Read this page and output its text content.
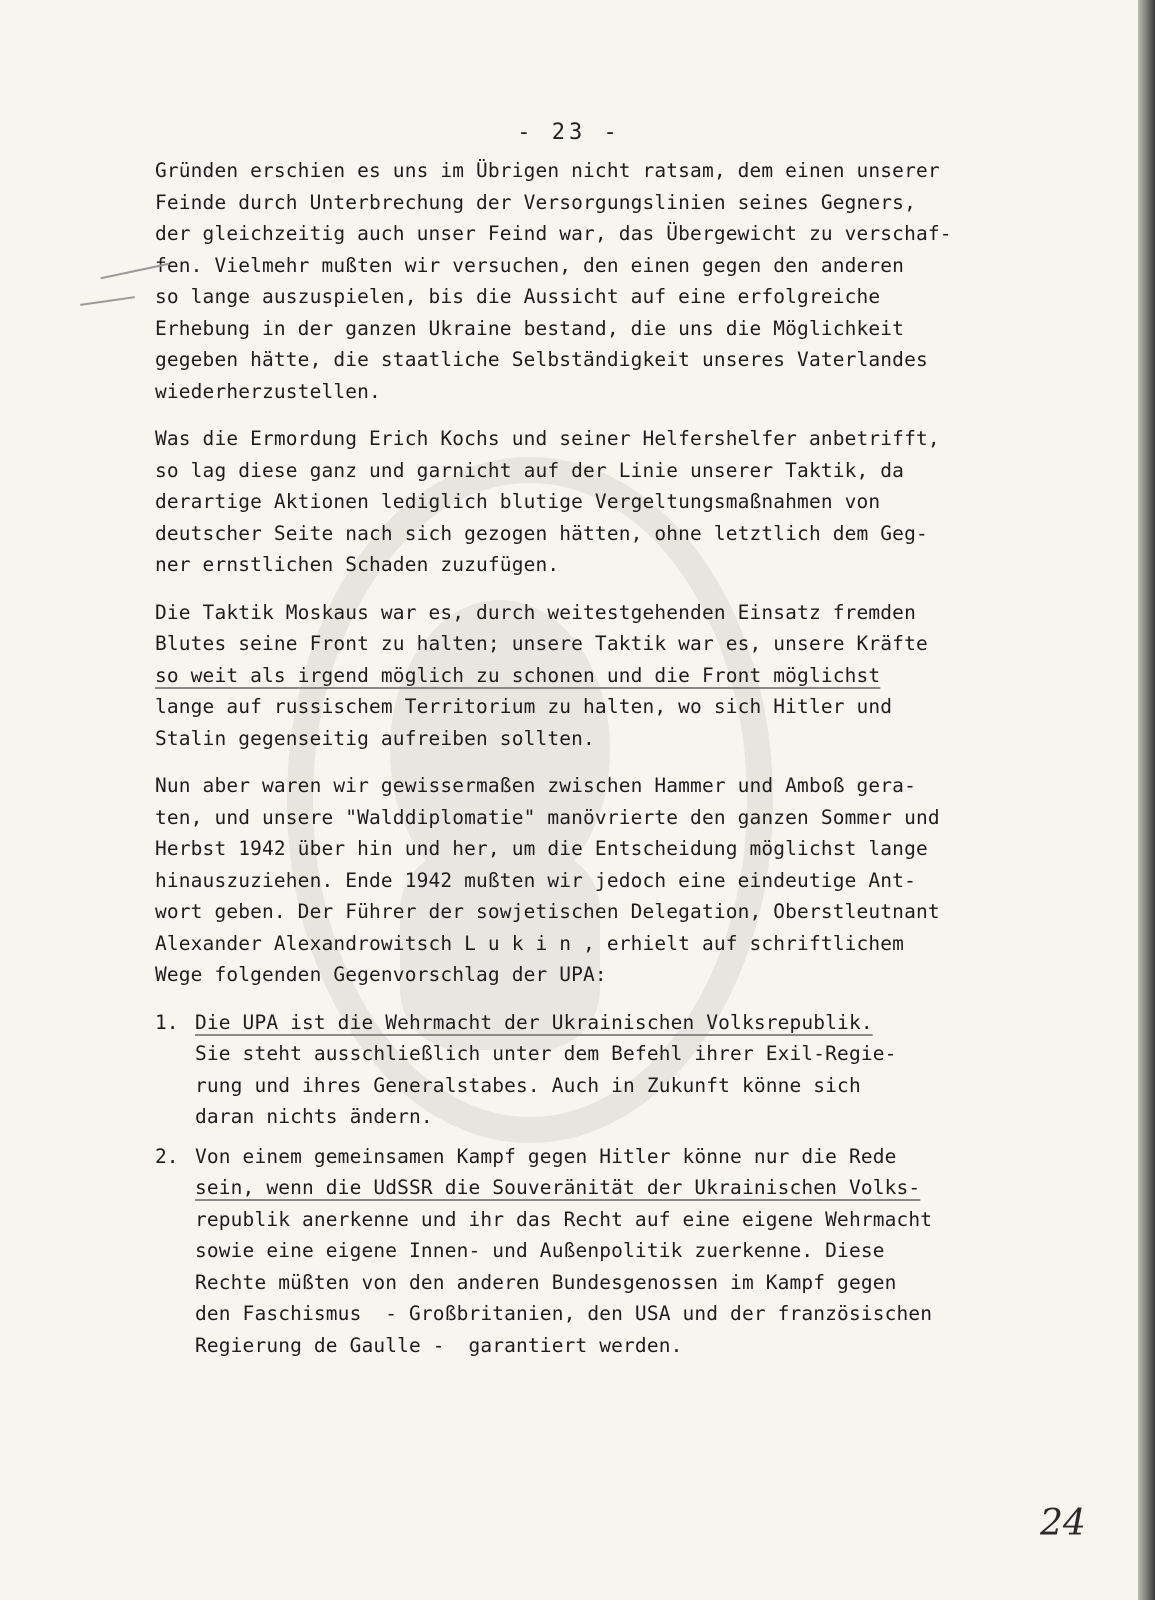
- 23 -
Gründen erschien es uns im Übrigen nicht ratsam, dem einen unserer
Feinde durch Unterbrechung der Versorgungslinien seines Gegners,
der gleichzeitig auch unser Feind war, das Übergewicht zu verschaf-
fen. Vielmehr mußten wir versuchen, den einen gegen den anderen
so lange auszuspielen, bis die Aussicht auf eine erfolgreiche
Erhebung in der ganzen Ukraine bestand, die uns die Möglichkeit
gegeben hätte, die staatliche Selbständigkeit unseres Vaterlandes
wiederherzustellen.
Was die Ermordung Erich Kochs und seiner Helfershelfer anbetrifft,
so lag diese ganz und garnicht auf der Linie unserer Taktik, da
derartige Aktionen lediglich blutige Vergeltungsmaßnahmen von
deutscher Seite nach sich gezogen hätten, ohne letztlich dem Geg-
ner ernstlichen Schaden zuzufügen.
Die Taktik Moskaus war es, durch weitestgehenden Einsatz fremden
Blutes seine Front zu halten; unsere Taktik war es, unsere Kräfte
so weit als irgend möglich zu schonen und die Front möglichst
lange auf russischem Territorium zu halten, wo sich Hitler und
Stalin gegenseitig aufreiben sollten.
Nun aber waren wir gewissermaßen zwischen Hammer und Amboß gera-
ten, und unsere "Walddiplomatie" manövrierte den ganzen Sommer und
Herbst 1942 über hin und her, um die Entscheidung möglichst lange
hinauszuziehen. Ende 1942 mußten wir jedoch eine eindeutige Ant-
wort geben. Der Führer der sowjetischen Delegation, Oberstleutnant
Alexander Alexandrowitsch L u k i n , erhielt auf schriftlichem
Wege folgenden Gegenvorschlag der UPA:
1. Die UPA ist die Wehrmacht der Ukrainischen Volksrepublik.
Sie steht ausschließlich unter dem Befehl ihrer Exil-Regie-
rung und ihres Generalstabes. Auch in Zukunft könne sich
daran nichts ändern.
2. Von einem gemeinsamen Kampf gegen Hitler könne nur die Rede
sein, wenn die UdSSR die Souveränität der Ukrainischen Volks-
republik anerkenne und ihr das Recht auf eine eigene Wehrmacht
sowie eine eigene Innen- und Außenpolitik zuerkenne. Diese
Rechte müßten von den anderen Bundesgenossen im Kampf gegen
den Faschismus  - Großbritanien, den USA und der französischen
Regierung de Gaulle -  garantiert werden.
24
